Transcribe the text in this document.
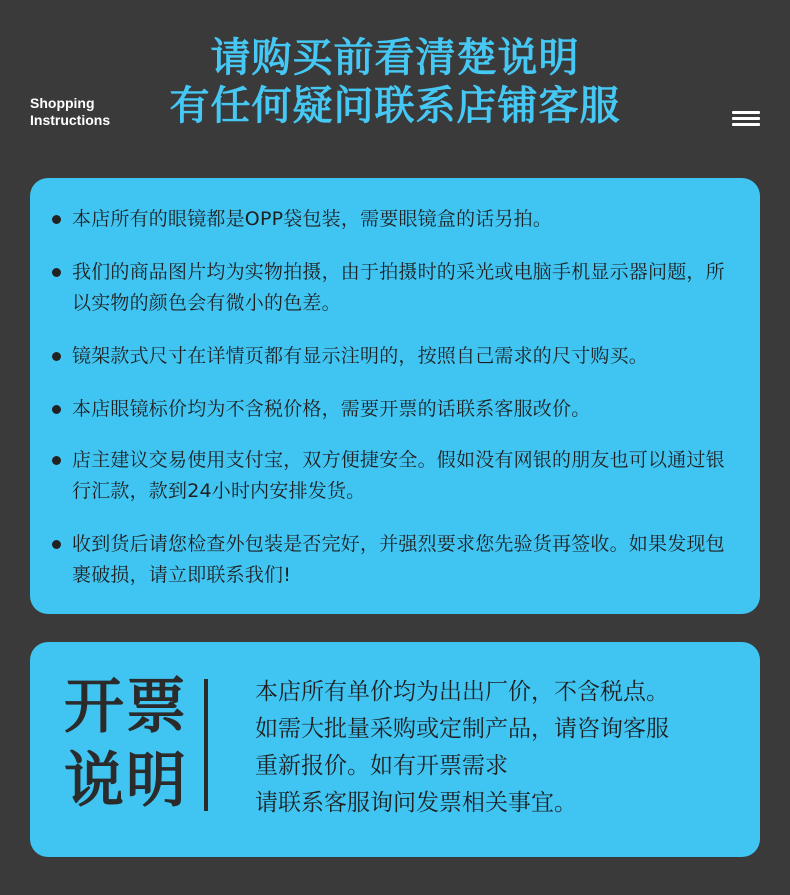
Shopping
Instructions
请购买前看清楚说明
有任何疑问联系店铺客服
本店所有的眼镜都是OPP袋包装，需要眼镜盒的话另拍。
我们的商品图片均为实物拍摄，由于拍摄时的采光或电脑手机显示器问题，所以实物的颜色会有微小的色差。
镜架款式尺寸在详情页都有显示注明的，按照自己需求的尺寸购买。
本店眼镜标价均为不含税价格，需要开票的话联系客服改价。
店主建议交易使用支付宝，双方便捷安全。假如没有网银的朋友也可以通过银行汇款，款到24小时内安排发货。
收到货后请您检查外包装是否完好，并强烈要求您先验货再签收。如果发现包裹破损，请立即联系我们!
开票
说明
本店所有单价均为出出厂价，不含税点。
如需大批量采购或定制产品，请咨询客服
重新报价。如有开票需求
请联系客服询问发票相关事宜。
